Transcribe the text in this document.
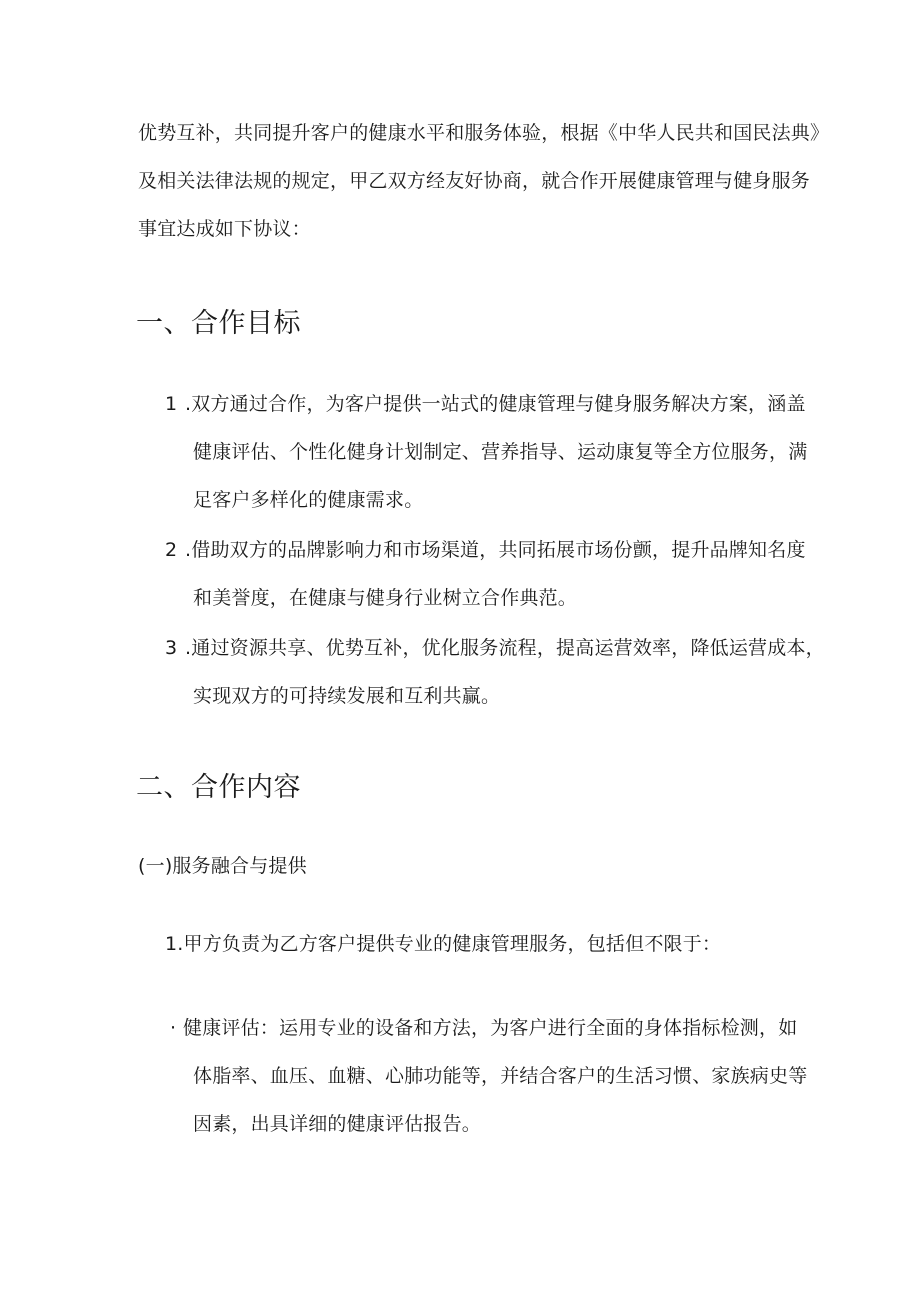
优势互补，共同提升客户的健康水平和服务体验，根据《中华人民共和国民法典》
及相关法律法规的规定，甲乙双方经友好协商，就合作开展健康管理与健身服务
事宜达成如下协议：
一、合作目标
1 .双方通过合作，为客户提供一站式的健康管理与健身服务解决方案，涵盖
健康评估、个性化健身计划制定、营养指导、运动康复等全方位服务，满
足客户多样化的健康需求。
2 .借助双方的品牌影响力和市场渠道，共同拓展市场份颤，提升品牌知名度
和美誉度，在健康与健身行业树立合作典范。
3 .通过资源共享、优势互补，优化服务流程，提高运营效率，降低运营成本，
实现双方的可持续发展和互利共赢。
二、合作内容
(一)服务融合与提供
1.甲方负责为乙方客户提供专业的健康管理服务，包括但不限于：
· 健康评估：运用专业的设备和方法，为客户进行全面的身体指标检测，如
体脂率、血压、血糖、心肺功能等，并结合客户的生活习惯、家族病史等
因素，出具详细的健康评估报告。
